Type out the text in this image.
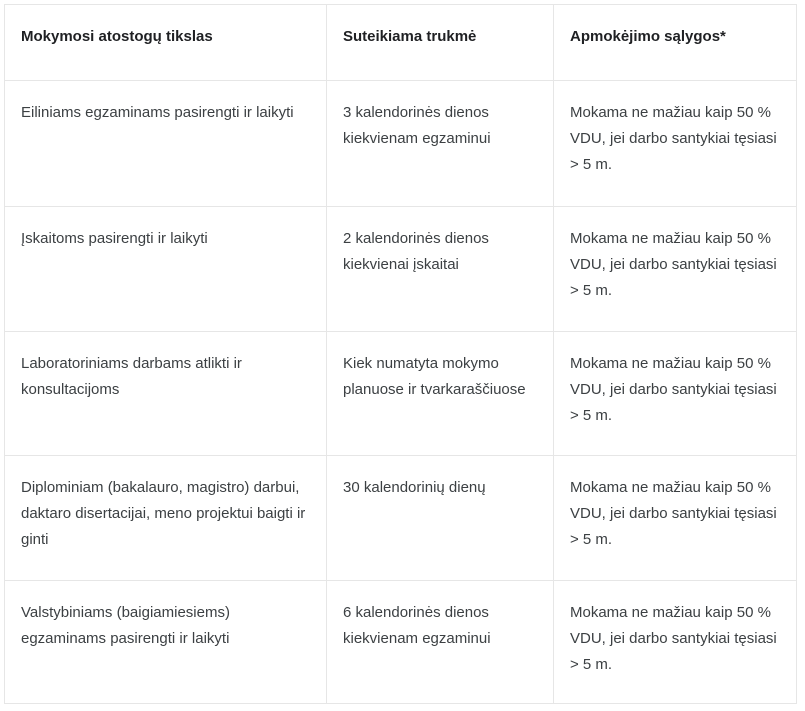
Mokymosi atostogų tikslas	Suteikiama trukmė	Apmokėjimo sąlygos*

Eiliniams egzaminams pasirengti ir laikyti	3 kalendorinės dienos kiekvienam egzaminui	Mokama ne mažiau kaip 50 % VDU, jei darbo santykiai tęsiasi > 5 m.

Įskaitoms pasirengti ir laikyti	2 kalendorinės dienos kiekvienai įskaitai	Mokama ne mažiau kaip 50 % VDU, jei darbo santykiai tęsiasi > 5 m.

Laboratoriniams darbams atlikti ir konsultacijoms	Kiek numatyta mokymo planuose ir tvarkaraščiuose	Mokama ne mažiau kaip 50 % VDU, jei darbo santykiai tęsiasi > 5 m.

Diplominiam (bakalauro, magistro) darbui, daktaro disertacijai, meno projektui baigti ir ginti	30 kalendorinių dienų	Mokama ne mažiau kaip 50 % VDU, jei darbo santykiai tęsiasi > 5 m.

Valstybiniams (baigiamiesiems) egzaminams pasirengti ir laikyti	6 kalendorinės dienos kiekvienam egzaminui	Mokama ne mažiau kaip 50 % VDU, jei darbo santykiai tęsiasi > 5 m.
